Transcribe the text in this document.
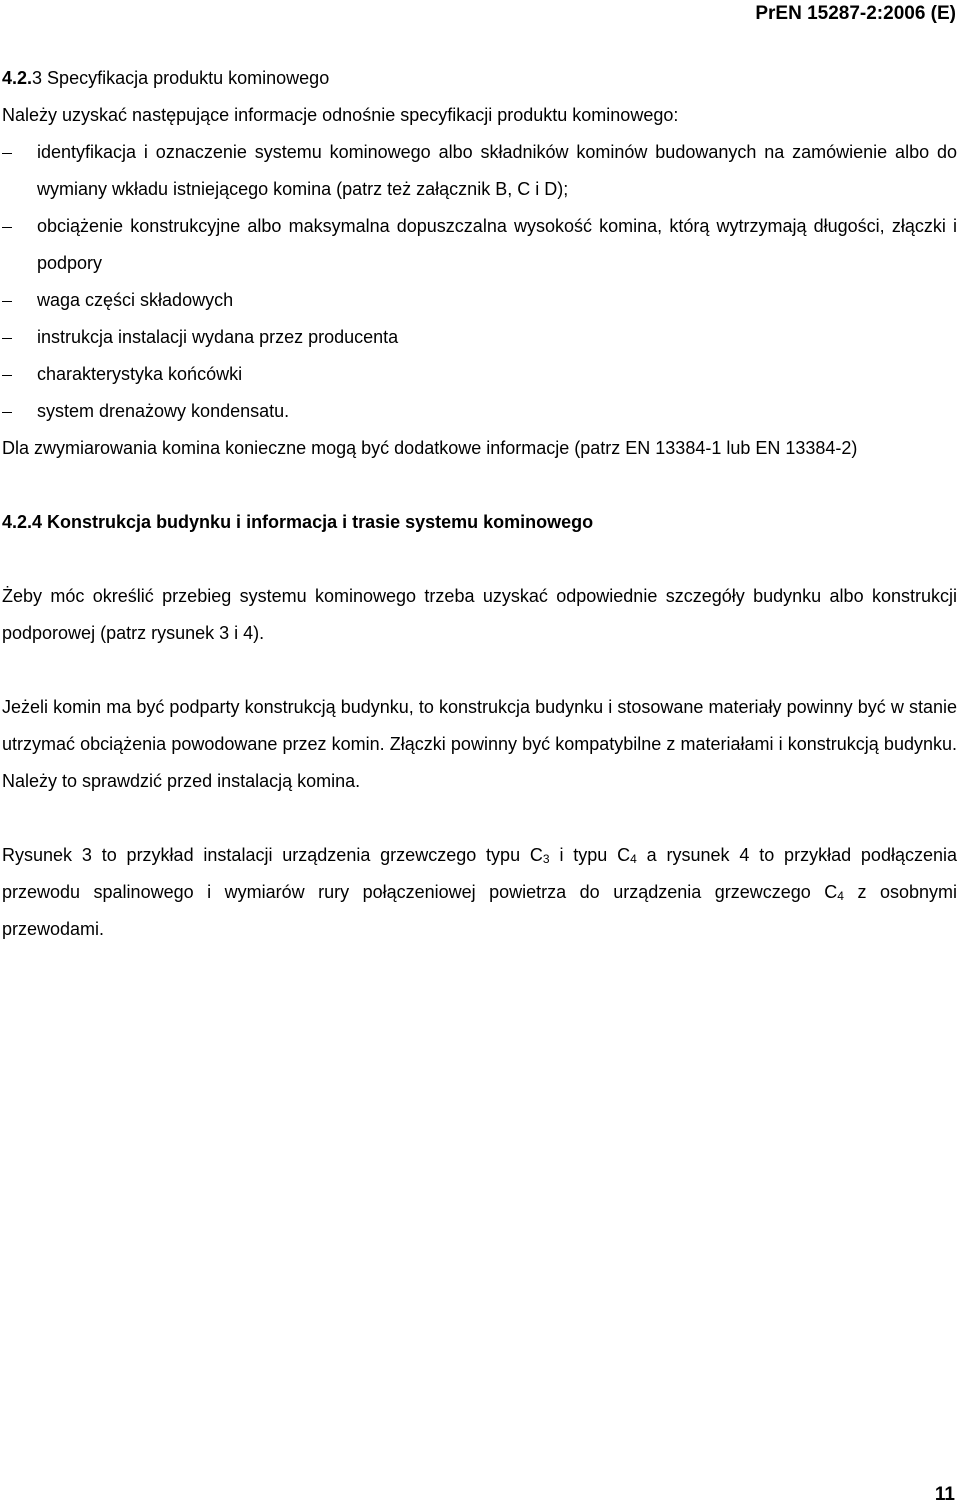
PrEN 15287-2:2006 (E)

4.2.3 Specyfikacja produktu kominowego

Należy uzyskać następujące informacje odnośnie specyfikacji produktu kominowego:

identyfikacja i oznaczenie systemu kominowego albo składników kominów budowanych na zamówienie albo do wymiany wkładu istniejącego komina (patrz też załącznik B, C i D);
obciążenie konstrukcyjne albo maksymalna dopuszczalna wysokość komina, którą wytrzymają długości, złączki i podpory
waga części składowych
instrukcja instalacji wydana przez producenta
charakterystyka końcówki
system drenażowy kondensatu.

Dla zwymiarowania komina konieczne mogą być dodatkowe informacje (patrz EN 13384-1 lub EN 13384-2)

4.2.4 Konstrukcja budynku i informacja i trasie systemu kominowego

Żeby móc określić przebieg systemu kominowego trzeba uzyskać odpowiednie szczegóły budynku albo konstrukcji podporowej (patrz rysunek 3 i 4).

Jeżeli komin ma być podparty konstrukcją budynku, to konstrukcja budynku i stosowane materiały powinny być w stanie utrzymać obciążenia powodowane przez komin. Złączki powinny być kompatybilne z materiałami i konstrukcją budynku. Należy to sprawdzić przed instalacją komina.

Rysunek 3 to przykład instalacji urządzenia grzewczego typu $C_3$ i typu $C_4$ a rysunek 4 to przykład podłączenia przewodu spalinowego i wymiarów rury połączeniowej powietrza do urządzenia grzewczego $C_4$ z osobnymi przewodami.

11
